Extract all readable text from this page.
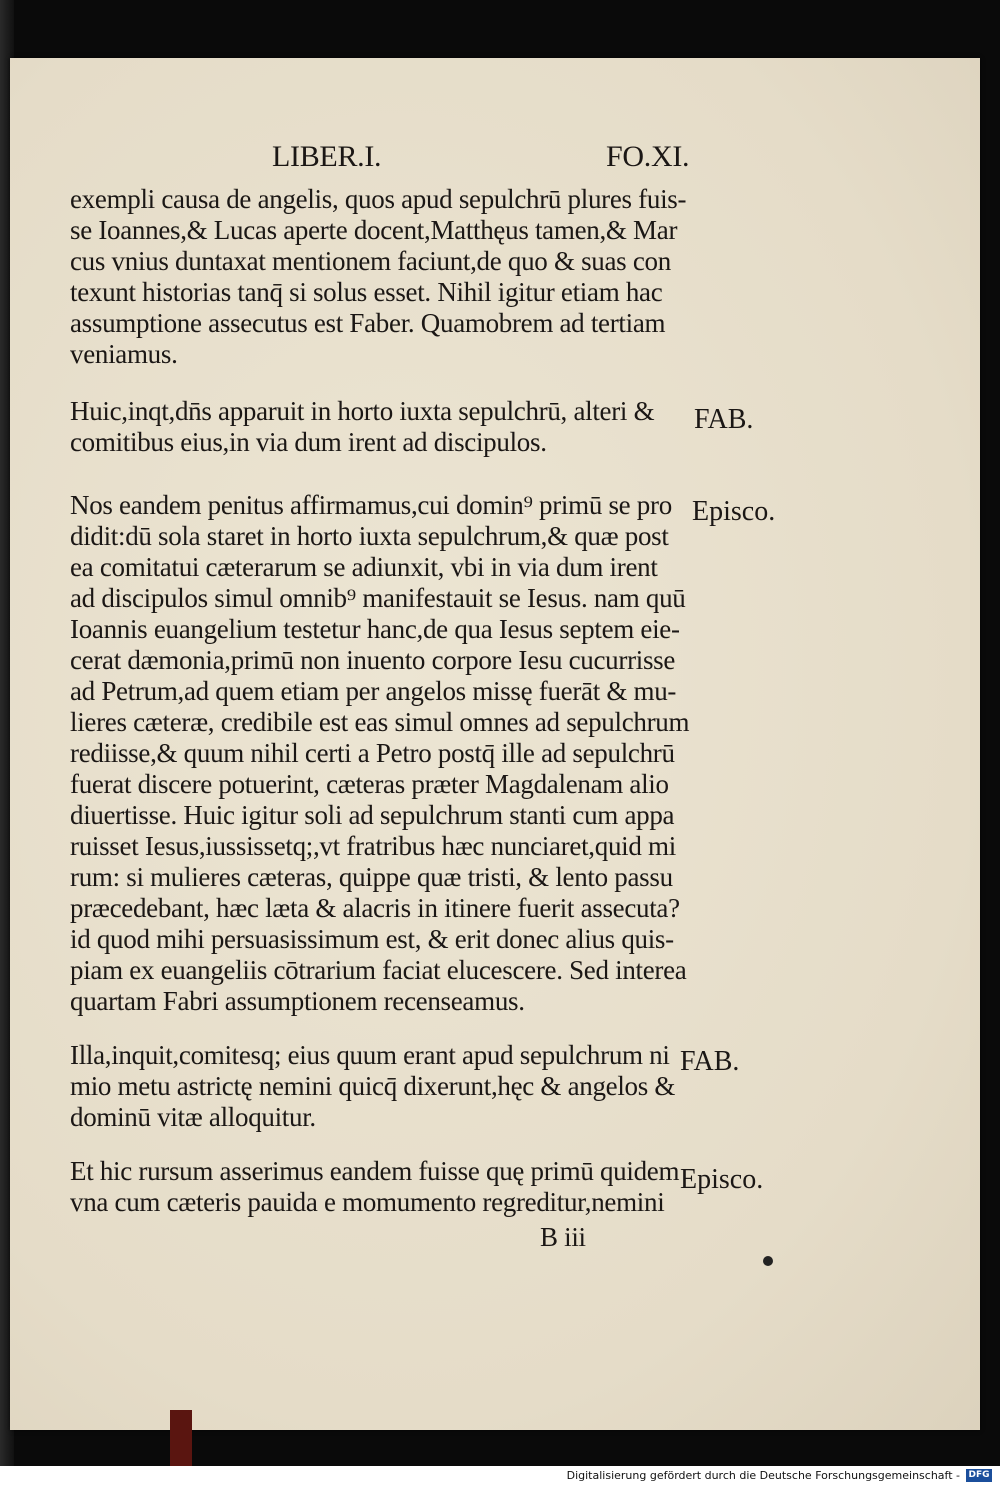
LIBER.I.	FO.XI.
exempli causa de angelis, quos apud sepulchrū plures fuis-
se Ioannes,& Lucas aperte docent,Matthęus tamen,& Mar
cus vnius duntaxat mentionem faciunt,de quo & suas con
texunt historias tanq̄ si solus esset. Nihil igitur etiam hac
assumptione assecutus est Faber. Quamobrem ad tertiam
veniamus.
Huic,inqt,dn̄s apparuit in horto iuxta sepulchrū, alteri &
comitibus eius,in via dum irent ad discipulos.
FAB.
Nos eandem penitus affirmamus,cui domin⁹ primū se pro
didit:dū sola staret in horto iuxta sepulchrum,& quæ post
ea comitatui cæterarum se adiunxit, vbi in via dum irent
ad discipulos simul omnib⁹ manifestauit se Iesus. nam quū
Ioannis euangelium testetur hanc,de qua Iesus septem eie-
cerat dæmonia,primū non inuento corpore Iesu cucurrisse
ad Petrum,ad quem etiam per angelos missę fuerāt & mu-
lieres cæteræ, credibile est eas simul omnes ad sepulchrum
rediisse,& quum nihil certi a Petro postq̄ ille ad sepulchrū
fuerat discere potuerint, cæteras præter Magdalenam alio
diuertisse. Huic igitur soli ad sepulchrum stanti cum appa
ruisset Iesus,iussissetq;,vt fratribus hæc nunciaret,quid mi
rum: si mulieres cæteras, quippe quæ tristi, & lento passu
præcedebant, hæc læta & alacris in itinere fuerit assecuta?
id quod mihi persuasissimum est, & erit donec alius quis-
piam ex euangeliis cōtrarium faciat elucescere. Sed interea
quartam Fabri assumptionem recenseamus.
Episco.
Illa,inquit,comitesq; eius quum erant apud sepulchrum ni
mio metu astrictę nemini quicq̄ dixerunt,hęc & angelos &
dominū vitæ alloquitur.
FAB.
Et hic rursum asserimus eandem fuisse quę primū quidem
vna cum cæteris pauida e momumento regreditur,nemini
Episco.
B iii
Digitalisierung gefördert durch die Deutsche Forschungsgemeinschaft - DFG
